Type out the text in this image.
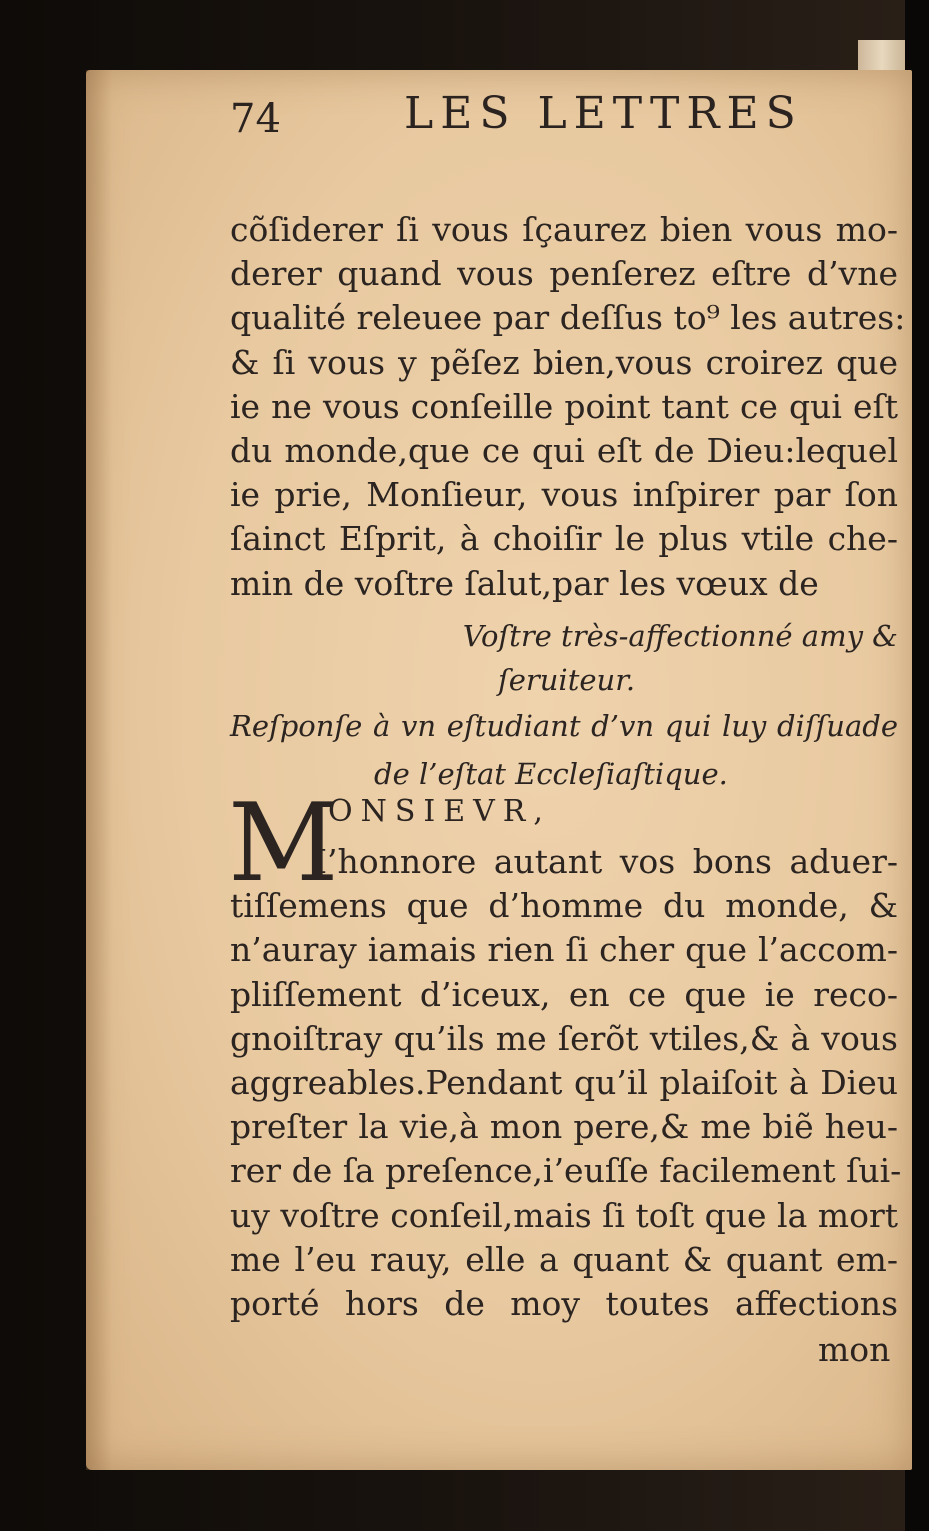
74	LES LETTRES
cõſiderer ſi vous ſçaurez bien vous mo-
derer quand vous penſerez eſtre d’vne
qualité releuee par deſſus to⁹ les autres:
& ſi vous y pẽſez bien,vous croirez que
ie ne vous conſeille point tant ce qui eſt
du monde,que ce qui eſt de Dieu:lequel
ie prie, Monſieur, vous inſpirer par ſon
ſainct Eſprit, à choiſir le plus vtile che-
min de voſtre ſalut,par les vœux de
Voſtre très-affectionné amy &
ſeruiteur.
Reſponſe à vn eſtudiant d’vn qui luy diſſuade
de l’eſtat Eccleſiaſtique.
M
ONSIEVR,
I’honnore autant vos bons aduer-
tiſſemens que d’homme du monde, &
n’auray iamais rien ſi cher que l’accom-
pliſſement d’iceux, en ce que ie reco-
gnoiſtray qu’ils me ſerõt vtiles,& à vous
aggreables.Pendant qu’il plaiſoit à Dieu
preſter la vie,à mon pere,& me biẽ heu-
rer de ſa preſence,i’euſſe facilement ſui-
uy voſtre conſeil,mais ſi toſt que la mort
me l’eu rauy, elle a quant & quant em-
porté hors de moy toutes affections
mon
